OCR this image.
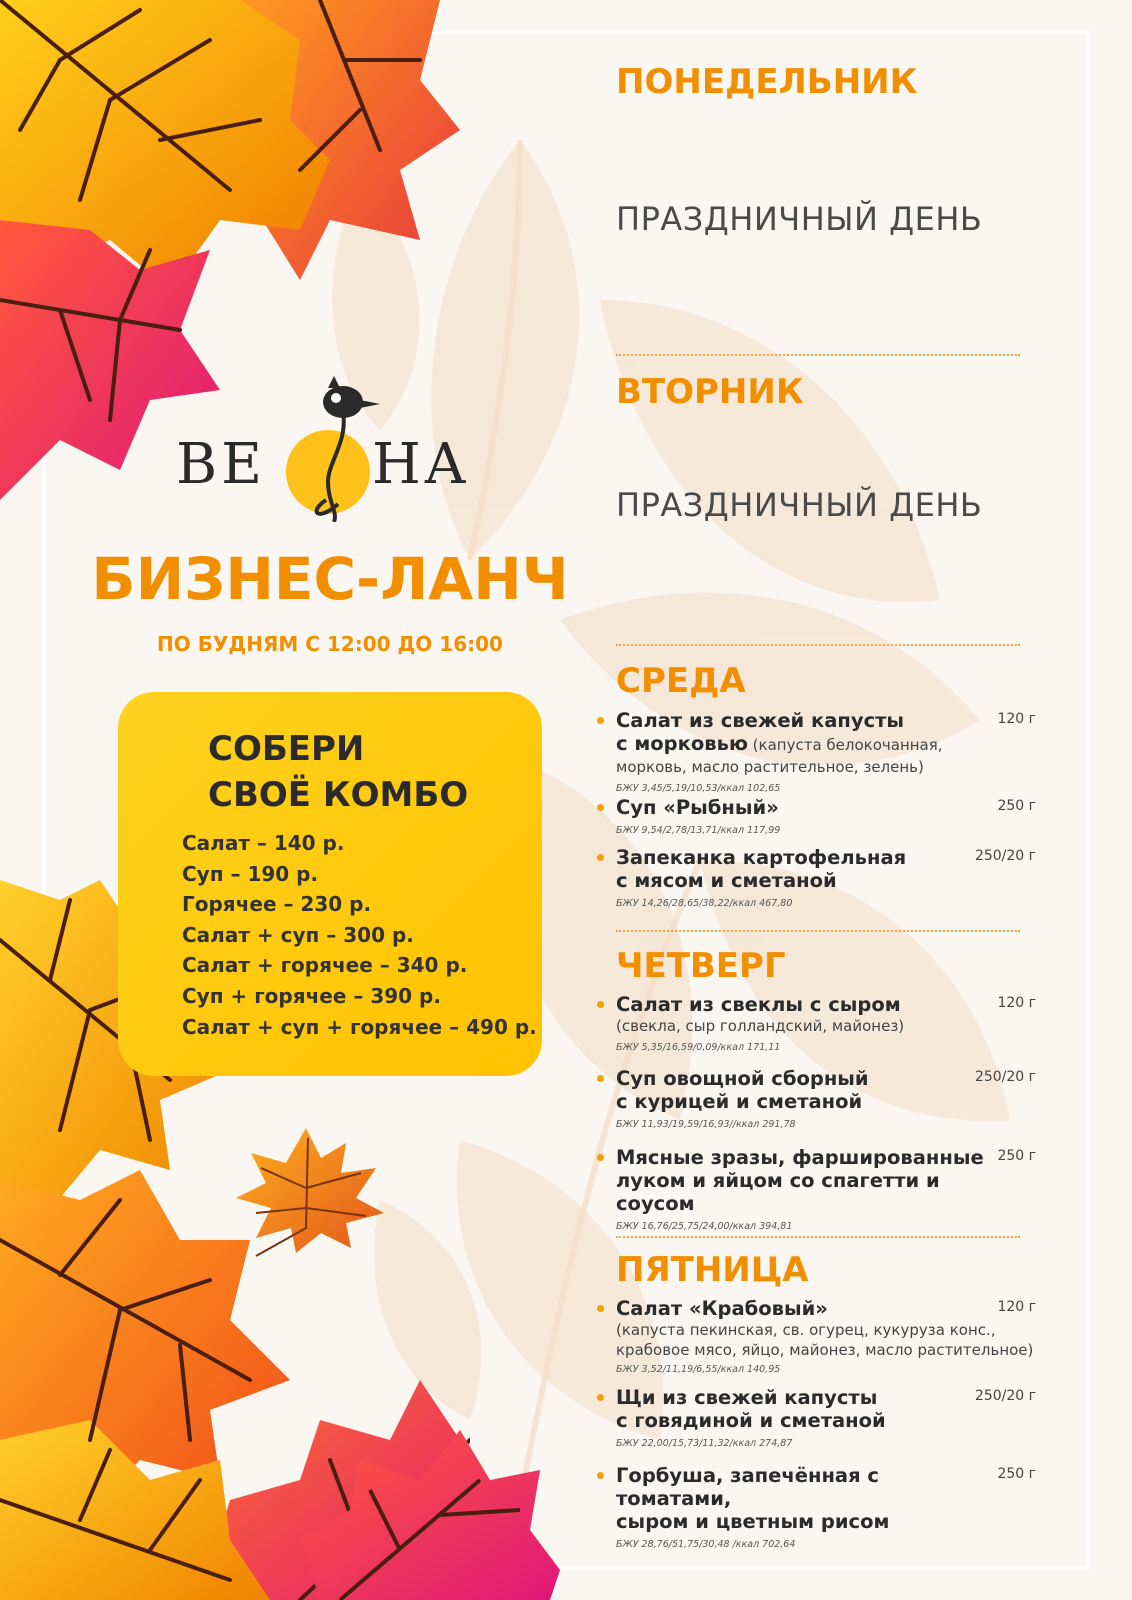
BE HA
БИЗНЕС-ЛАНЧ
ПО БУДНЯМ С 12:00 ДО 16:00
СОБЕРИ
СВОЁ КОМБО
Салат – 140 р.
Суп – 190 р.
Горячее – 230 р.
Салат + суп – 300 р.
Салат + горячее – 340 р.
Суп + горячее – 390 р.
Салат + суп + горячее – 490 р.
ПОНЕДЕЛЬНИК
ПРАЗДНИЧНЫЙ ДЕНЬ
ВТОРНИК
ПРАЗДНИЧНЫЙ ДЕНЬ
СРЕДА
Салат из свежей капусты
с морковью (капуста белокочанная,
морковь, масло растительное, зелень)
120 г
БЖУ 3,45/5,19/10,53/ккал 102,65
Суп «Рыбный»	250 г
БЖУ 9,54/2,78/13,71/ккал 117,99
Запеканка картофельная
с мясом и сметаной
250/20 г
БЖУ 14,26/28,65/38,22/ккал 467,80
ЧЕТВЕРГ
Салат из свеклы с сыром
(свекла, сыр голландский, майонез)
120 г
БЖУ 5,35/16,59/0,09/ккал 171,11
Суп овощной сборный
с курицей и сметаной
250/20 г
БЖУ 11,93/19,59/16,93//ккал 291,78
Мясные зразы, фаршированные
луком и яйцом со спагетти и соусом
250 г
БЖУ 16,76/25,75/24,00/ккал 394,81
ПЯТНИЦА
Салат «Крабовый»
(капуста пекинская, св. огурец, кукуруза конс.,
крабовое мясо, яйцо, майонез, масло растительное)
120 г
БЖУ 3,52/11,19/6,55/ккал 140,95
Щи из свежей капусты
с говядиной и сметаной
250/20 г
БЖУ 22,00/15,73/11,32/ккал 274,87
Горбуша, запечённая с томатами,
сыром и цветным рисом
250 г
БЖУ 28,76/51,75/30,48 /ккал 702,64
